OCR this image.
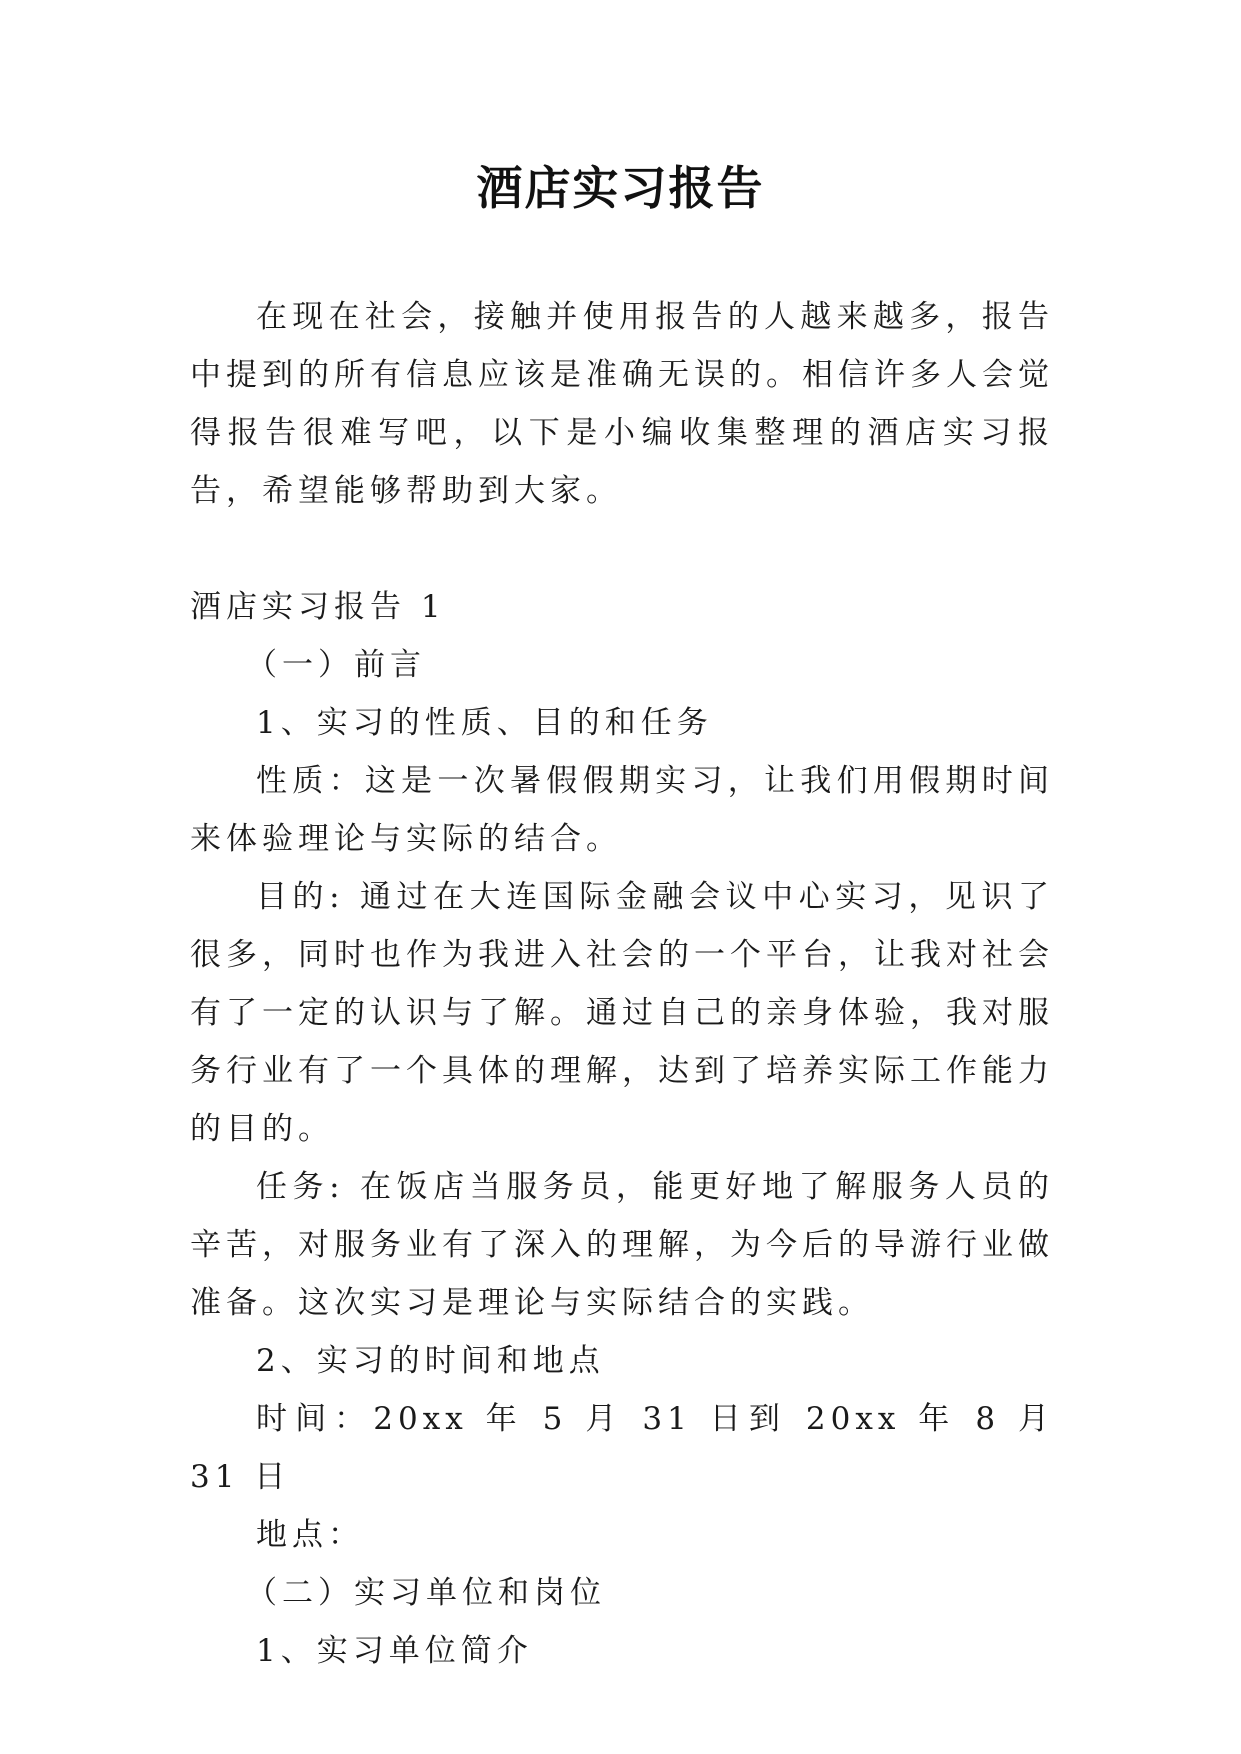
酒店实习报告

在现在社会，接触并使用报告的人越来越多，报告中提到的所有信息应该是准确无误的。相信许多人会觉得报告很难写吧，以下是小编收集整理的酒店实习报告，希望能够帮助到大家。

酒店实习报告 1

（一）前言

1、实习的性质、目的和任务

性质：这是一次暑假假期实习，让我们用假期时间来体验理论与实际的结合。

目的: 通过在大连国际金融会议中心实习，见识了很多，同时也作为我进入社会的一个平台，让我对社会有了一定的认识与了解。通过自己的亲身体验，我对服务行业有了一个具体的理解，达到了培养实际工作能力的目的。

任务: 在饭店当服务员，能更好地了解服务人员的辛苦，对服务业有了深入的理解，为今后的导游行业做准备。这次实习是理论与实际结合的实践。

2、实习的时间和地点

时间：20xx 年 5 月 31 日到 20xx 年 8 月 31 日

地点：

（二）实习单位和岗位

1、实习单位简介
